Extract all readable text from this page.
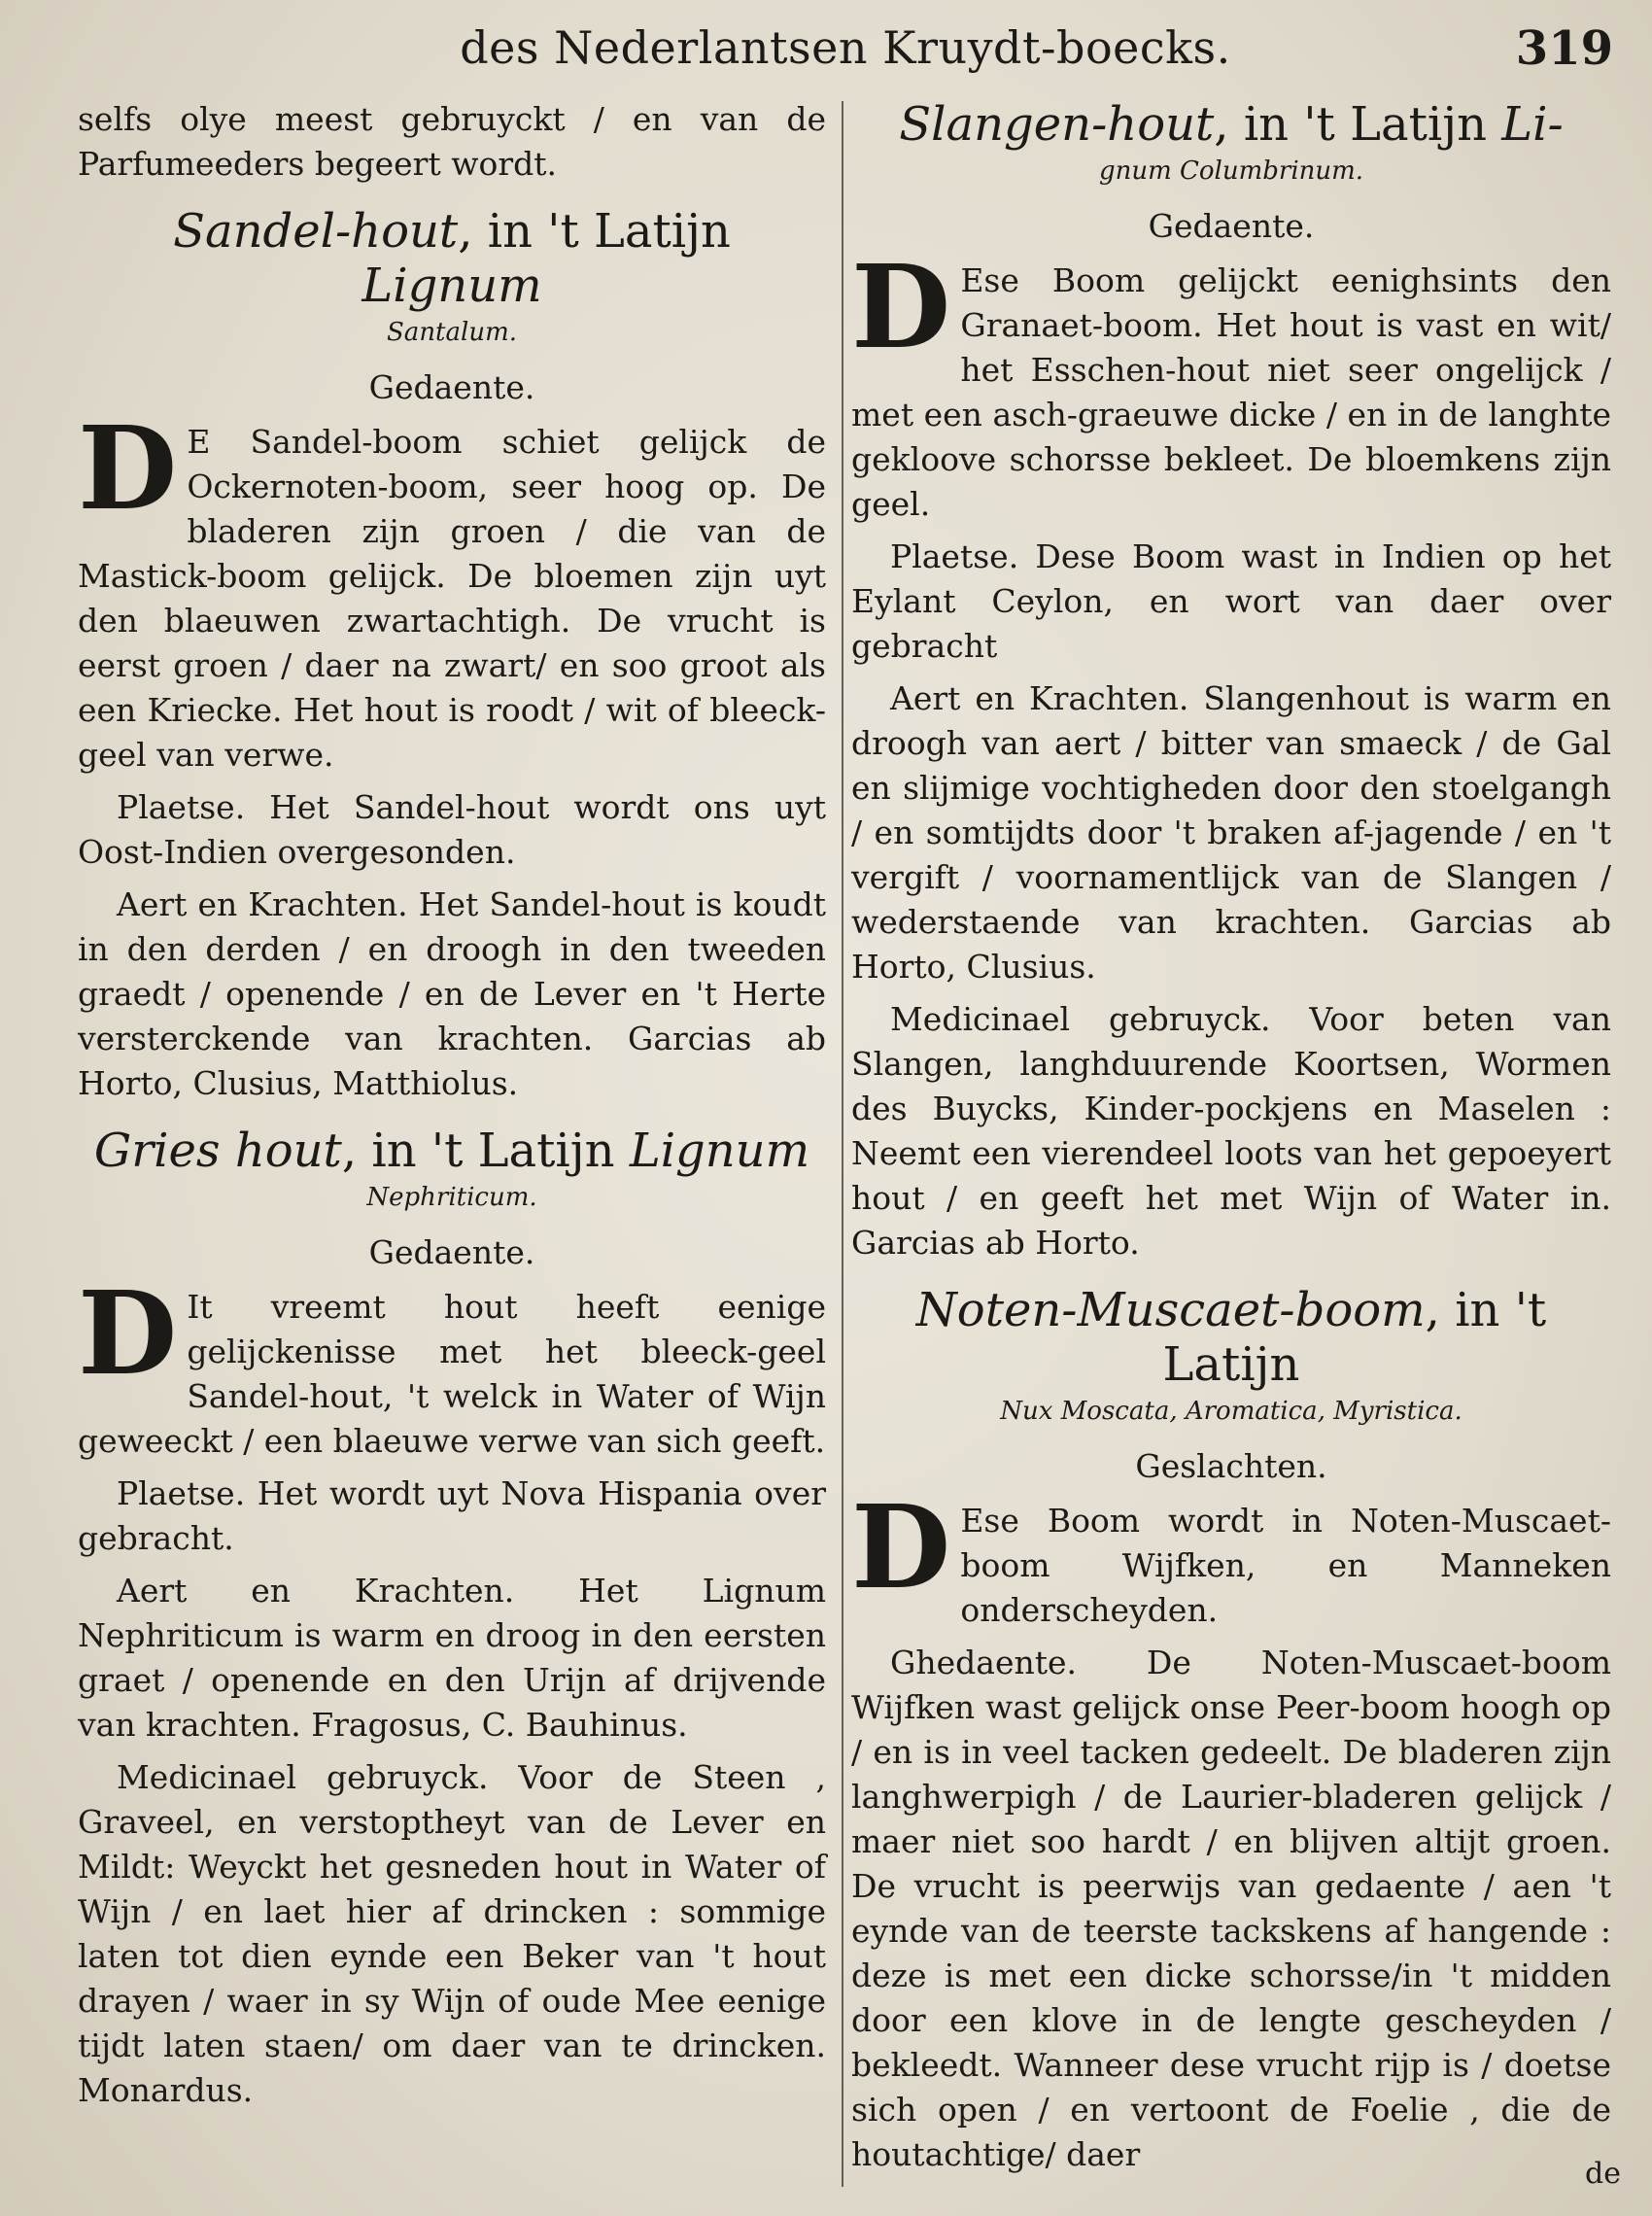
des Nederlantsen Kruydt-boecks.	319

selfs olye meest gebruyckt / en van de Parfumeeders begeert wordt.

Sandel-hout, in 't Latijn Lignum
Santalum.
Gedaente.

D E Sandel-boom schiet gelijck de Ockernoten-boom, seer hoog op. De bladeren zijn groen / die van de Mastick-boom gelijck. De bloemen zijn uyt den blaeuwen zwartachtigh. De vrucht is eerst groen / daer na zwart/ en soo groot als een Krieckе. Het hout is roodt / wit of bleeck-geel van verwe.

Plaetse. Het Sandel-hout wordt ons uyt Oost-Indien overgesonden.

Aert en Krachten. Het Sandel-hout is koudt in den derden / en droogh in den tweeden graedt / openende / en de Lever en 't Herte versterckende van krachten. Garcias ab Horto, Clusius, Matthiolus.

Gries hout, in 't Latijn Lignum
Nephriticum.
Gedaente.

D It vreemt hout heeft eenige gelijckenisse met het bleeck-geel Sandel-hout, 't welck in Water of Wijn geweeckt / een blaeuwe verwe van sich geeft.

Plaetse. Het wordt uyt Nova Hispania over gebracht.

Aert en Krachten. Het Lignum Nephriticum is warm en droog in den eersten graet / openende en den Urijn af drijvende van krachten. Fragosus, C. Bauhinus.

Medicinael gebruyck. Voor de Steen , Graveel, en verstoptheyt van de Lever en Mildt: Weyckt het gesneden hout in Water of Wijn / en laet hier af drincken : sommige laten tot dien eynde een Beker van 't hout drayen / waer in sy Wijn of oude Mee eenige tijdt laten staen/ om daer van te drincken. Monardus.

Slangen-hout, in 't Latijn Li-
gnum Columbrinum.
Gedaente.

D Ese Boom gelijckt eenighsints den Granaet-boom. Het hout is vast en wit/ het Esschen-hout niet seer ongelijck / met een asch-graeuwe dicke / en in de langhte gekloove schorsse bekleet. De bloemkens zijn geel.

Plaetse. Dese Boom wast in Indien op het Eylant Ceylon, en wort van daer over gebracht

Aert en Krachten. Slangenhout is warm en droogh van aert / bitter van smaeck / de Gal en slijmige vochtigheden door den stoelgangh / en somtijdts door 't braken af-jagende / en 't vergift / voornamentlijck van de Slangen / wederstaende van krachten. Garcias ab Horto, Clusius.

Medicinael gebruyck. Voor beten van Slangen, langhduurende Koortsen, Wormen des Buycks, Kinder-pockjens en Maselen : Neemt een vierendeel loots van het gepoeyert hout / en geeft het met Wijn of Water in. Garcias ab Horto.

Noten-Muscaet-boom, in 't Latijn
Nux Moscata, Aromatica, Myristica.
Geslachten.

D Ese Boom wordt in Noten-Muscaet-boom Wijfken, en Manneken onderscheyden.

Ghedaente. De Noten-Muscaet-boom Wijfken wast gelijck onse Peer-boom hoogh op / en is in veel tacken gedeelt. De bladeren zijn langhwerpigh / de Laurier-bladeren gelijck / maer niet soo hardt / en blijven altijt groen. De vrucht is peerwijs van gedaente / aen 't eynde van de teerste tackskens af hangende : deze is met een dicke schorsse/in 't midden door een klove in de lengte gescheyden / bekleedt. Wanneer dese vrucht rijp is / doetse sich open / en vertoont de Foelie , die de houtachtige/ daer

de
